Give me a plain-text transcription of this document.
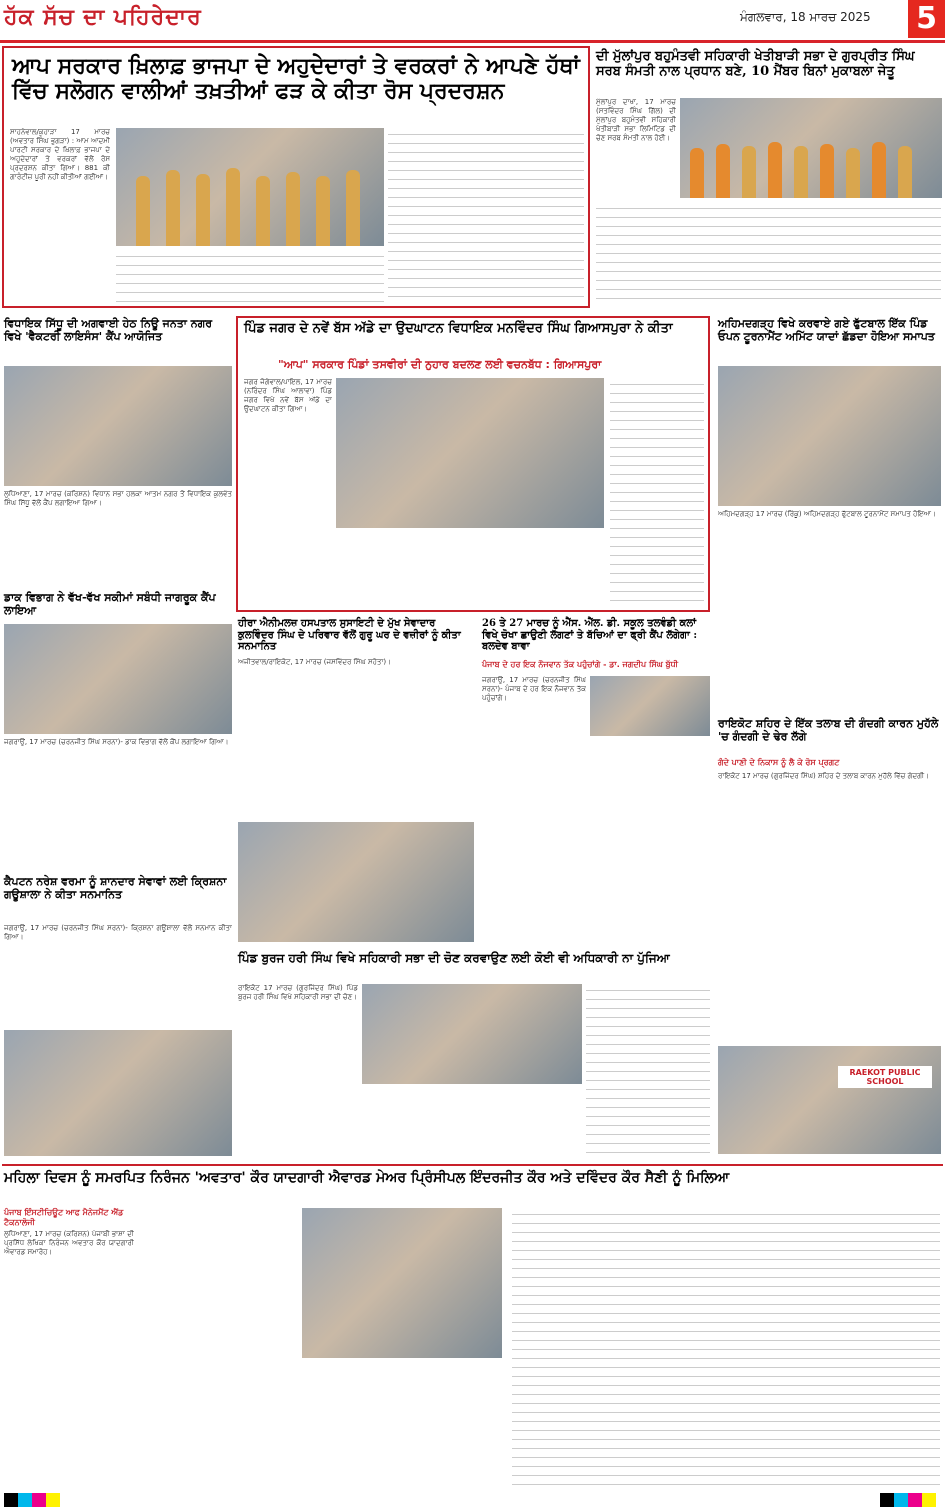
ਹੱਕ ਸੱਚ ਦਾ ਪਹਿਰੇਦਾਰ	ਮੰਗਲਵਾਰ, 18 ਮਾਰਚ 2025 5
ਆਪ ਸਰਕਾਰ ਖ਼ਿਲਾਫ਼ ਭਾਜਪਾ ਦੇ ਅਹੁਦੇਦਾਰਾਂ ਤੇ ਵਰਕਰਾਂ ਨੇ ਆਪਣੇ ਹੱਥਾਂ ਵਿੱਚ ਸਲੋਗਨ ਵਾਲੀਆਂ ਤਖ਼ਤੀਆਂ ਫੜ ਕੇ ਕੀਤਾ ਰੋਸ ਪ੍ਰਦਰਸ਼ਨ
ਸਾਹਨੇਵਾਲ/ਕੁਹਾੜਾ 17 ਮਾਰਚ (ਅਵਤਾਰ ਸਿੰਘ ਭੁਗੜਾ) : ਆਮ ਆਦਮੀ ਪਾਰਟੀ ਸਰਕਾਰ ਦੇ ਖ਼ਿਲਾਫ਼ ਭਾਜਪਾ ਦੇ ਅਹੁਦੇਦਾਰਾਂ ਤੇ ਵਰਕਰਾਂ ਵੱਲੋਂ ਰੋਸ ਪ੍ਰਦਰਸ਼ਨ ਕੀਤਾ ਗਿਆ। 881 ਕੀ ਗਾਰੰਟੀਜ਼ ਪੂਰੀ ਨਹੀਂ ਕੀਤੀਆਂ ਗਈਆਂ।
ਦੀ ਮੁੱਲਾਂਪੁਰ ਬਹੁਮੰਤਵੀ ਸਹਿਕਾਰੀ ਖੇਤੀਬਾੜੀ ਸਭਾ ਦੇ ਗੁਰਪ੍ਰੀਤ ਸਿੰਘ ਸਰਬ ਸੰਮਤੀ ਨਾਲ ਪ੍ਰਧਾਨ ਬਣੇ, 10 ਮੈਂਬਰ ਬਿਨਾਂ ਮੁਕਾਬਲਾ ਜੇਤੂ
ਮੁੱਲਾਂਪੁਰ ਦਾਖਾ, 17 ਮਾਰਚ (ਸਤਵਿੰਦਰ ਸਿੰਘ ਗਿੱਲ) ਦੀ ਮੁੱਲਾਂਪੁਰ ਬਹੁਮੰਤਵੀ ਸਹਿਕਾਰੀ ਖੇਤੀਬਾੜੀ ਸਭਾ ਲਿਮਿਟਿਡ ਦੀ ਚੋਣ ਸਰਬ ਸੰਮਤੀ ਨਾਲ ਹੋਈ।
ਵਿਧਾਇਕ ਸਿੱਧੂ ਦੀ ਅਗਵਾਈ ਹੇਠ ਨਿਊ ਜਨਤਾ ਨਗਰ ਵਿਖੇ 'ਵੈਕਟਰੀ ਲਾਇਸੰਸ' ਕੈਂਪ ਆਯੋਜਿਤ
ਲੁਧਿਆਣਾ, 17 ਮਾਰਚ (ਕਰਿਸ਼ਨ) ਵਿਧਾਨ ਸਭਾ ਹਲਕਾ ਆਤਮ ਨਗਰ ਤੋਂ ਵਿਧਾਇਕ ਕੁਲਵੰਤ ਸਿੰਘ ਸਿੱਧੂ ਵੱਲੋਂ ਕੈਂਪ ਲਗਾਇਆ ਗਿਆ।
ਪਿੰਡ ਜਗਰ ਦੇ ਨਵੇਂ ਬੱਸ ਅੱਡੇ ਦਾ ਉਦਘਾਟਨ ਵਿਧਾਇਕ ਮਨਵਿੰਦਰ ਸਿੰਘ ਗਿਆਸਪੁਰਾ ਨੇ ਕੀਤਾ
"ਆਪ" ਸਰਕਾਰ ਪਿੰਡਾਂ ਤਸਵੀਰਾਂ ਦੀ ਨੁਹਾਰ ਬਦਲਣ ਲਈ ਵਚਨਬੱਧ : ਗਿਆਸਪੁਰਾ
ਜਗਰ ਜੋਗੇਵਾਲ/ਪਾਇਲ, 17 ਮਾਰਚ (ਨਰਿੰਦਰ ਸਿੰਘ ਆਲਾਵਾ) ਪਿੰਡ ਜਗਰ ਵਿਖੇ ਨਵੇਂ ਬੱਸ ਅੱਡੇ ਦਾ ਉਦਘਾਟਨ ਕੀਤਾ ਗਿਆ।
ਅਹਿਮਦਗੜ੍ਹ ਵਿਖੇ ਕਰਵਾਏ ਗਏ ਫੁੱਟਬਾਲ ਇੱਕ ਪਿੰਡ ਓਪਨ ਟੂਰਨਾਮੈਂਟ ਅਮਿੱਟ ਯਾਦਾਂ ਛੱਡਦਾ ਹੋਇਆ ਸਮਾਪਤ
ਅਹਿਮਦਗੜ੍ਹ 17 ਮਾਰਚ (ਰਿੰਕੂ) ਅਹਿਮਦਗੜ੍ਹ ਫੁੱਟਬਾਲ ਟੂਰਨਾਮੈਂਟ ਸਮਾਪਤ ਹੋਇਆ।
ਡਾਕ ਵਿਭਾਗ ਨੇ ਵੱਖ-ਵੱਖ ਸਕੀਮਾਂ ਸਬੰਧੀ ਜਾਗਰੂਕ ਕੈਂਪ ਲਾਇਆ
ਜਗਰਾਉਂ, 17 ਮਾਰਚ (ਚਰਨਜੀਤ ਸਿੰਘ ਸਰਨਾ)- ਡਾਕ ਵਿਭਾਗ ਵੱਲੋਂ ਕੈਂਪ ਲਗਾਇਆ ਗਿਆ।
ਹੀਰਾ ਐਨੀਮਲਜ਼ ਹਸਪਤਾਲ ਸੁਸਾਇਟੀ ਦੇ ਮੁੱਖ ਸੇਵਾਦਾਰ ਕੁਲਵਿੰਦਰ ਸਿੰਘ ਦੇ ਪਰਿਵਾਰ ਵੱਲੋਂ ਗੁਰੂ ਘਰ ਦੇ ਵਜ਼ੀਰਾਂ ਨੂੰ ਕੀਤਾ ਸਨਮਾਨਿਤ
ਅਜੀਤਵਾਲ/ਰਾਇਕੋਟ, 17 ਮਾਰਚ (ਜਸਵਿੰਦਰ ਸਿੰਘ ਸਹੋਤਾ)।
26 ਤੇ 27 ਮਾਰਚ ਨੂੰ ਐੱਸ. ਐੱਲ. ਡੀ. ਸਕੂਲ ਤਲਵੰਡੀ ਕਲਾਂ ਵਿਖੇ ਚੋਖਾ ਛਾਉਣੀ ਲੱਗਣਾਂ ਤੇ ਬੱਚਿਆਂ ਦਾ ਫ੍ਰੀ ਕੈਂਪ ਲੱਗੇਗਾ : ਬਲਦੇਵ ਬਾਵਾ
ਪੰਜਾਬ ਦੇ ਹਰ ਇਕ ਨੌਜਵਾਨ ਤੱਕ ਪਹੁੰਚਾਂਗੇ - ਡਾ. ਜਗਦੀਪ ਸਿੰਘ ਬੁੱਧੀ
ਜਗਰਾਉਂ, 17 ਮਾਰਚ (ਚਰਨਜੀਤ ਸਿੰਘ ਸਰਨਾ)- ਪੰਜਾਬ ਦੇ ਹਰ ਇਕ ਨੌਜਵਾਨ ਤੱਕ ਪਹੁੰਚਾਂਗੇ।
ਰਾਇਕੋਟ ਸ਼ਹਿਰ ਦੇ ਇੱਕ ਤਲਾਬ ਦੀ ਗੰਦਗੀ ਕਾਰਨ ਮੁਹੱਲੇ 'ਚ ਗੰਦਗੀ ਦੇ ਢੇਰ ਲੱਗੇ
ਗੰਦੇ ਪਾਣੀ ਦੇ ਨਿਕਾਸ ਨੂੰ ਲੈ ਕੇ ਰੋਸ ਪ੍ਰਗਟ
ਰਾਇਕੋਟ 17 ਮਾਰਚ (ਗੁਰਜਿੰਦਰ ਸਿੰਘ) ਸ਼ਹਿਰ ਦੇ ਤਲਾਬ ਕਾਰਨ ਮੁਹੱਲੇ ਵਿੱਚ ਗੰਦਗੀ।
RAEKOT PUBLIC SCHOOL
ਕੈਪਟਨ ਨਰੇਸ਼ ਵਰਮਾ ਨੂੰ ਸ਼ਾਨਦਾਰ ਸੇਵਾਵਾਂ ਲਈ ਕ੍ਰਿਸ਼ਨਾ ਗਊਸ਼ਾਲਾ ਨੇ ਕੀਤਾ ਸਨਮਾਨਿਤ
ਜਗਰਾਉਂ, 17 ਮਾਰਚ (ਚਰਨਜੀਤ ਸਿੰਘ ਸਰਨਾ)- ਕ੍ਰਿਸ਼ਨਾ ਗਊਸ਼ਾਲਾ ਵੱਲੋਂ ਸਨਮਾਨ ਕੀਤਾ ਗਿਆ।
ਪਿੰਡ ਬੁਰਜ ਹਰੀ ਸਿੰਘ ਵਿਖੇ ਸਹਿਕਾਰੀ ਸਭਾ ਦੀ ਚੋਣ ਕਰਵਾਉਣ ਲਈ ਕੋਈ ਵੀ ਅਧਿਕਾਰੀ ਨਾ ਪੁੱਜਿਆ
ਰਾਇਕੋਟ 17 ਮਾਰਚ (ਗੁਰਜਿੰਦਰ ਸਿੰਘ) ਪਿੰਡ ਬੁਰਜ ਹਰੀ ਸਿੰਘ ਵਿਖੇ ਸਹਿਕਾਰੀ ਸਭਾ ਦੀ ਚੋਣ।
ਮਹਿਲਾ ਦਿਵਸ ਨੂੰ ਸਮਰਪਿਤ ਨਿਰੰਜਨ 'ਅਵਤਾਰ' ਕੌਰ ਯਾਦਗਾਰੀ ਐਵਾਰਡ ਮੇਅਰ ਪ੍ਰਿੰਸੀਪਲ ਇੰਦਰਜੀਤ ਕੌਰ ਅਤੇ ਦਵਿੰਦਰ ਕੌਰ ਸੈਣੀ ਨੂੰ ਮਿਲਿਆ
ਪੰਜਾਬ ਇੰਸਟੀਚਿਊਟ ਆਫ ਮੈਨੇਜਮੈਂਟ ਐਂਡ ਟੈਕਨਾਲੋਜੀ
ਲੁਧਿਆਣਾ, 17 ਮਾਰਚ (ਕਰਿਸ਼ਨ) ਪੰਜਾਬੀ ਭਾਸ਼ਾ ਦੀ ਪ੍ਰਸਿੱਧ ਲੇਖਿਕਾ ਨਿਰੰਜਨ ਅਵਤਾਰ ਕੌਰ ਯਾਦਗਾਰੀ ਐਵਾਰਡ ਸਮਾਰੋਹ।
